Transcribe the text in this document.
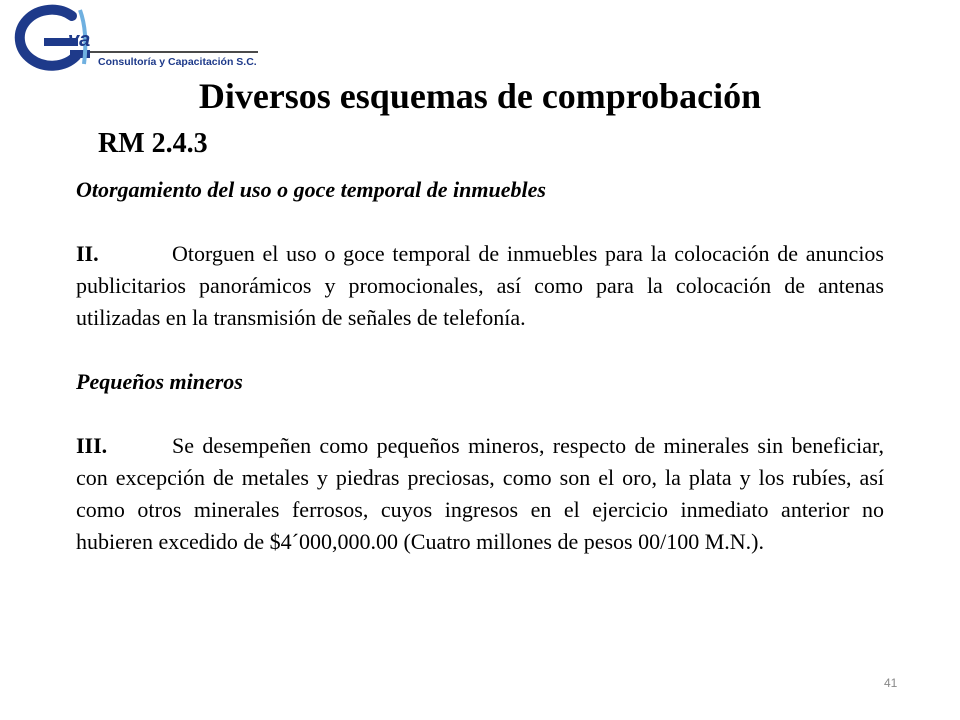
va
Consultoría y Capacitación S.C.
Diversos esquemas de comprobación
RM 2.4.3

Otorgamiento del uso o goce temporal de inmuebles

II.	Otorguen el uso o goce temporal de inmuebles para la colocación de anuncios publicitarios panorámicos y promocionales, así como para la colocación de antenas utilizadas en la transmisión de señales de telefonía.

Pequeños mineros

III.	Se desempeñen como pequeños mineros, respecto de minerales sin beneficiar, con excepción de metales y piedras preciosas, como son el oro, la plata y los rubíes, así como otros minerales ferrosos, cuyos ingresos en el ejercicio inmediato anterior no hubieren excedido de $4´000,000.00 (Cuatro millones de pesos 00/100 M.N.).

41
